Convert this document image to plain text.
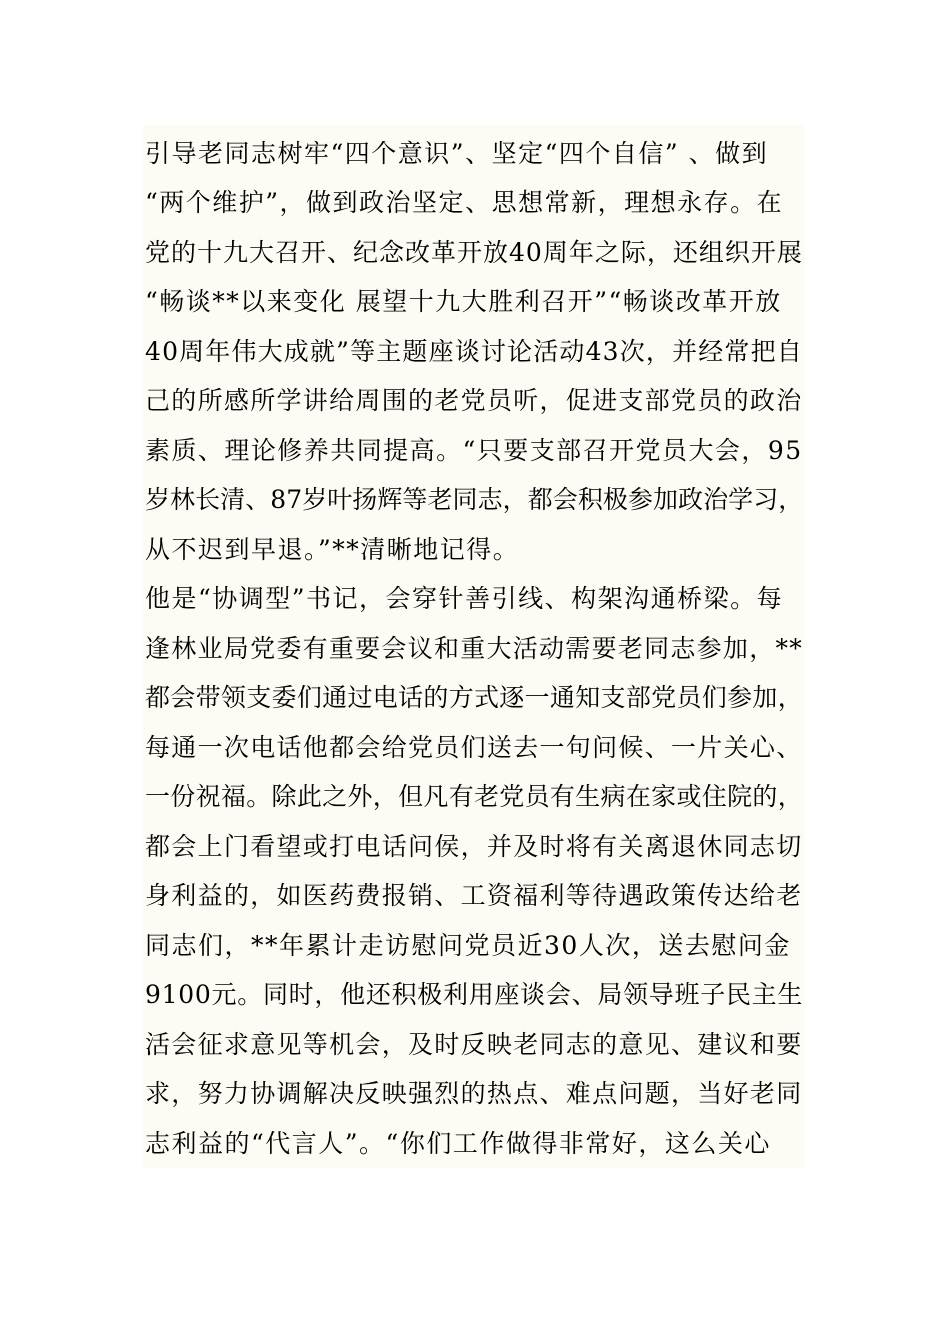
引导老同志树牢“四个意识”、坚定“四个自信” 、做到
“两个维护”，做到政治坚定、思想常新，理想永存。在
党的十九大召开、纪念改革开放40周年之际，还组织开展
“畅谈**以来变化 展望十九大胜利召开”“畅谈改革开放
40周年伟大成就”等主题座谈讨论活动43次，并经常把自
己的所感所学讲给周围的老党员听，促进支部党员的政治
素质、理论修养共同提高。“只要支部召开党员大会，95
岁林长清、87岁叶扬辉等老同志，都会积极参加政治学习，
从不迟到早退。”**清晰地记得。
他是“协调型”书记，会穿针善引线、构架沟通桥梁。每
逢林业局党委有重要会议和重大活动需要老同志参加，**
都会带领支委们通过电话的方式逐一通知支部党员们参加，
每通一次电话他都会给党员们送去一句问候、一片关心、
一份祝福。除此之外，但凡有老党员有生病在家或住院的，
都会上门看望或打电话问侯，并及时将有关离退休同志切
身利益的，如医药费报销、工资福利等待遇政策传达给老
同志们，**年累计走访慰问党员近30人次，送去慰问金
9100元。同时，他还积极利用座谈会、局领导班子民主生
活会征求意见等机会，及时反映老同志的意见、建议和要
求，努力协调解决反映强烈的热点、难点问题，当好老同
志利益的“代言人”。“你们工作做得非常好，这么关心
